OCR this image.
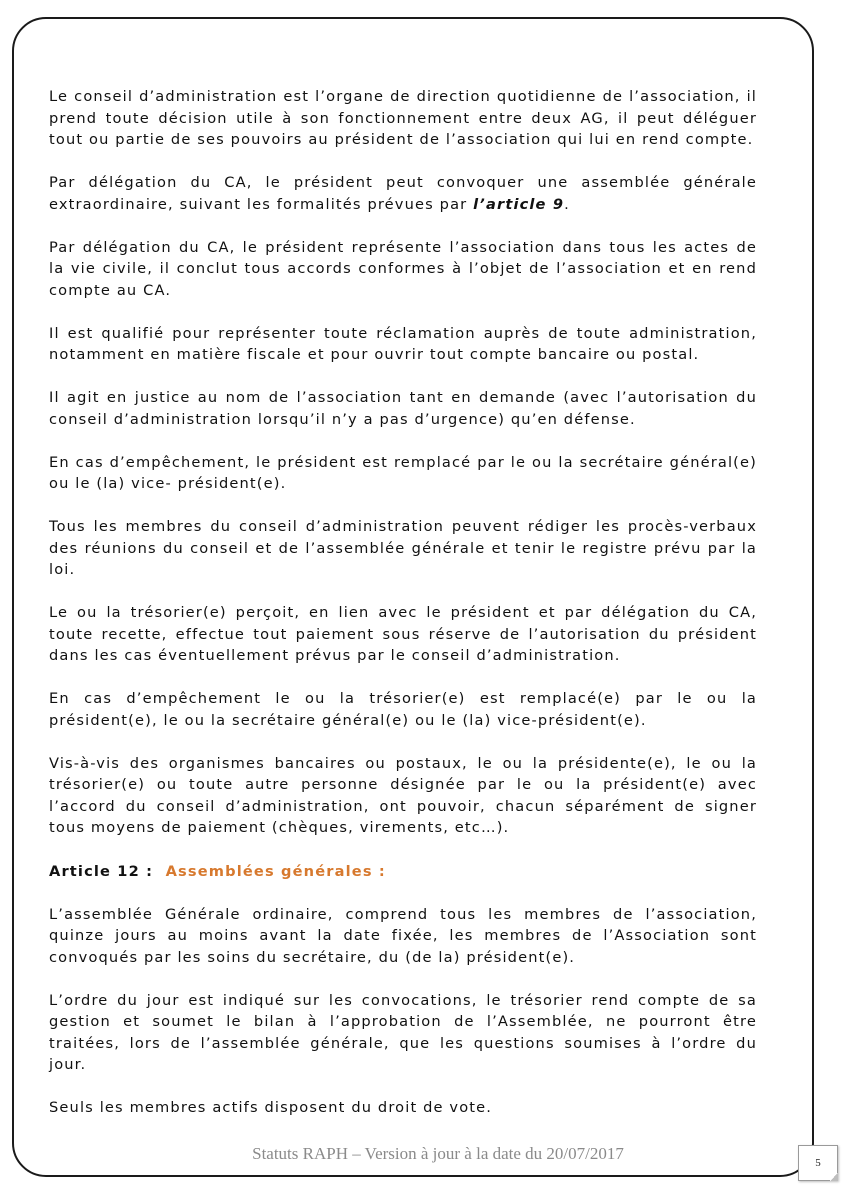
Le conseil d’administration est l’organe de direction quotidienne de l’association, il prend toute décision utile à son fonctionnement entre deux AG, il peut déléguer tout ou partie de ses pouvoirs au président de l’association qui lui en rend compte.

Par délégation du CA, le président peut convoquer une assemblée générale extraordinaire, suivant les formalités prévues par l’article 9.

Par délégation du CA, le président représente l’association dans tous les actes de la vie civile, il conclut tous accords conformes à l’objet de l’association et en rend compte au CA.

Il est qualifié pour représenter toute réclamation auprès de toute administration, notamment en matière fiscale et pour ouvrir tout compte bancaire ou postal.

Il agit en justice au nom de l’association tant en demande (avec l’autorisation du conseil d’administration lorsqu’il n’y a pas d’urgence) qu’en défense.

En cas d’empêchement, le président est remplacé par le ou la secrétaire général(e) ou le (la) vice- président(e).

Tous les membres du conseil d’administration peuvent rédiger les procès-verbaux des réunions du conseil et de l’assemblée générale et tenir le registre prévu par la loi.

Le ou la trésorier(e) perçoit, en lien avec le président et par délégation du CA, toute recette, effectue tout paiement sous réserve de l’autorisation du président dans les cas éventuellement prévus par le conseil d’administration.

En cas d’empêchement le ou la trésorier(e) est remplacé(e) par le ou la président(e), le ou la secrétaire général(e) ou le (la) vice-président(e).

Vis-à-vis des organismes bancaires ou postaux, le ou la présidente(e), le ou la trésorier(e) ou toute autre personne désignée par le ou la président(e) avec l’accord du conseil d’administration, ont pouvoir, chacun séparément de signer tous moyens de paiement (chèques, virements, etc…).

Article 12 : Assemblées générales :

L’assemblée Générale ordinaire, comprend tous les membres de l’association, quinze jours au moins avant la date fixée, les membres de l’Association sont convoqués par les soins du secrétaire, du (de la) président(e).

L’ordre du jour est indiqué sur les convocations, le trésorier rend compte de sa gestion et soumet le bilan à l’approbation de l’Assemblée, ne pourront être traitées, lors de l’assemblée générale, que les questions soumises à l’ordre du jour.

Seuls les membres actifs disposent du droit de vote.

Statuts RAPH – Version à jour à la date du 20/07/2017	5
